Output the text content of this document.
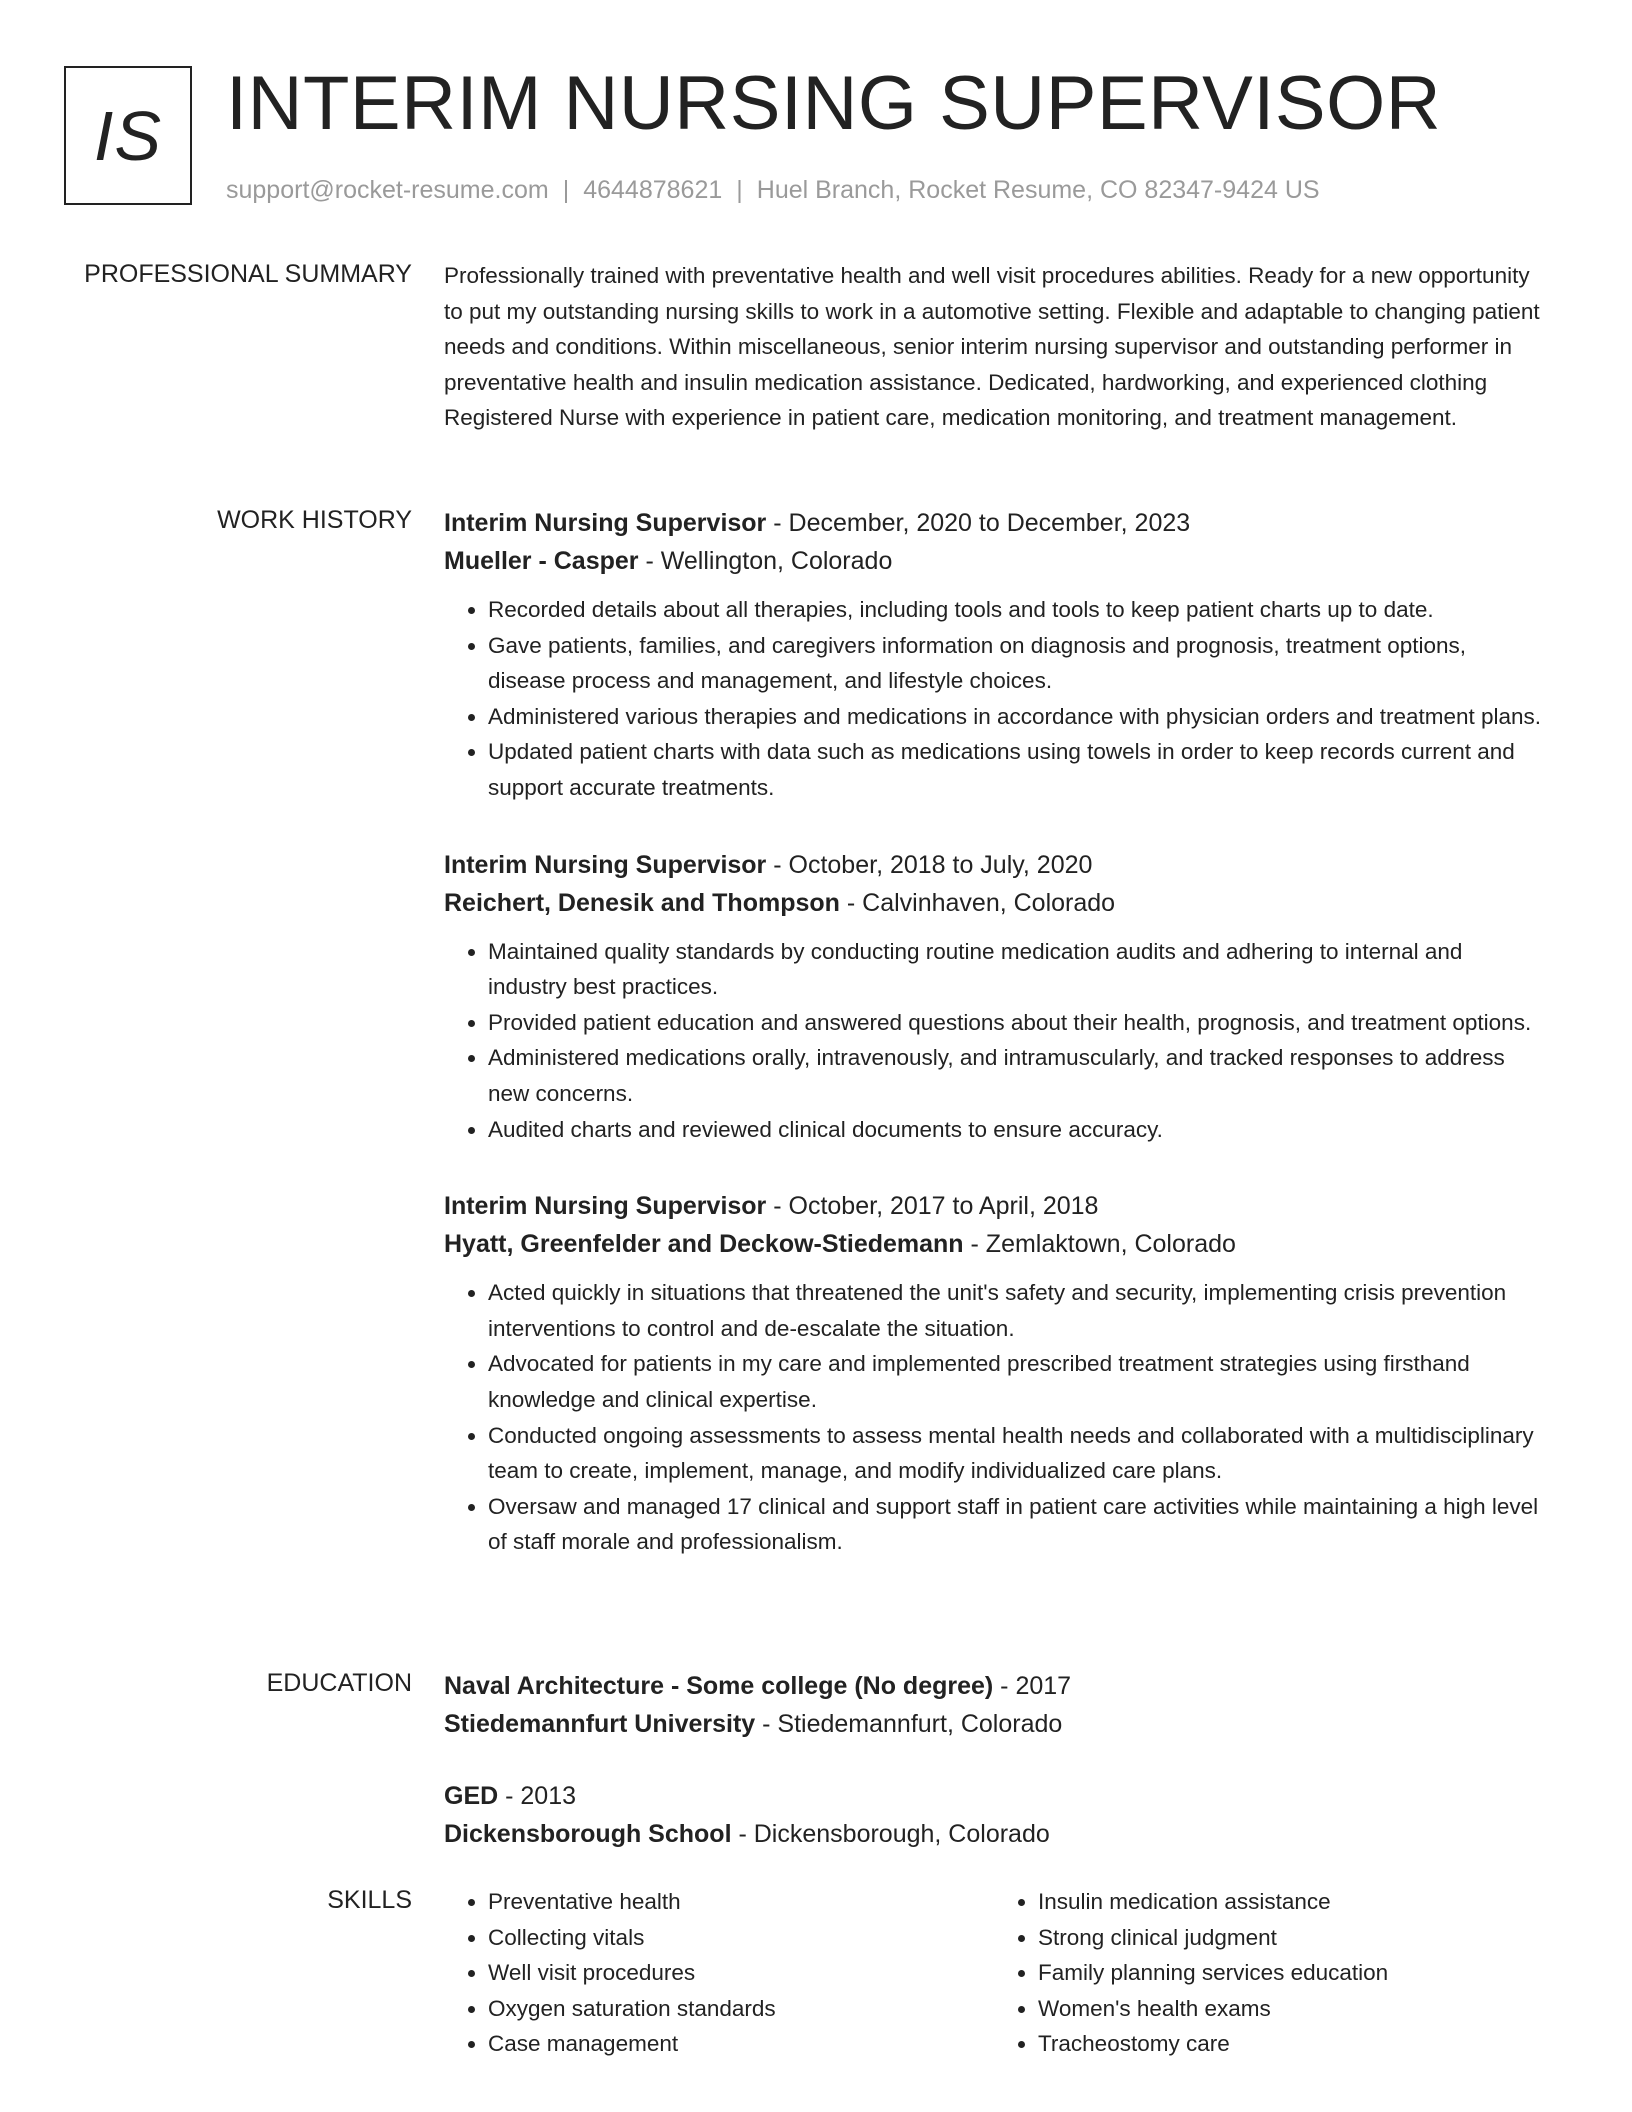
IS INTERIM NURSING SUPERVISOR
support@rocket-resume.com | 4644878621 | Huel Branch, Rocket Resume, CO 82347-9424 US
PROFESSIONAL SUMMARY Professionally trained with preventative health and well visit procedures abilities. Ready for a new opportunity to put my outstanding nursing skills to work in a automotive setting. Flexible and adaptable to changing patient needs and conditions. Within miscellaneous, senior interim nursing supervisor and outstanding performer in preventative health and insulin medication assistance. Dedicated, hardworking, and experienced clothing Registered Nurse with experience in patient care, medication monitoring, and treatment management.

WORK HISTORY Interim Nursing Supervisor - December, 2020 to December, 2023
Mueller - Casper - Wellington, Colorado
• Recorded details about all therapies, including tools and tools to keep patient charts up to date.
• Gave patients, families, and caregivers information on diagnosis and prognosis, treatment options, disease process and management, and lifestyle choices.
• Administered various therapies and medications in accordance with physician orders and treatment plans.
• Updated patient charts with data such as medications using towels in order to keep records current and support accurate treatments.
Interim Nursing Supervisor - October, 2018 to July, 2020
Reichert, Denesik and Thompson - Calvinhaven, Colorado
• Maintained quality standards by conducting routine medication audits and adhering to internal and industry best practices.
• Provided patient education and answered questions about their health, prognosis, and treatment options.
• Administered medications orally, intravenously, and intramuscularly, and tracked responses to address new concerns.
• Audited charts and reviewed clinical documents to ensure accuracy.
Interim Nursing Supervisor - October, 2017 to April, 2018
Hyatt, Greenfelder and Deckow-Stiedemann - Zemlaktown, Colorado
• Acted quickly in situations that threatened the unit's safety and security, implementing crisis prevention interventions to control and de-escalate the situation.
• Advocated for patients in my care and implemented prescribed treatment strategies using firsthand knowledge and clinical expertise.
• Conducted ongoing assessments to assess mental health needs and collaborated with a multidisciplinary team to create, implement, manage, and modify individualized care plans.
• Oversaw and managed 17 clinical and support staff in patient care activities while maintaining a high level of staff morale and professionalism.
EDUCATION Naval Architecture - Some college (No degree) - 2017
Stiedemannfurt University - Stiedemannfurt, Colorado
GED - 2013
Dickensborough School - Dickensborough, Colorado
SKILLS
•	Preventative health
• Collecting vitals
• Well visit procedures
• Oxygen saturation standards
• Case management
• Insulin medication assistance
• Strong clinical judgment
• Family planning services education
• Women's health exams
• Tracheostomy care
